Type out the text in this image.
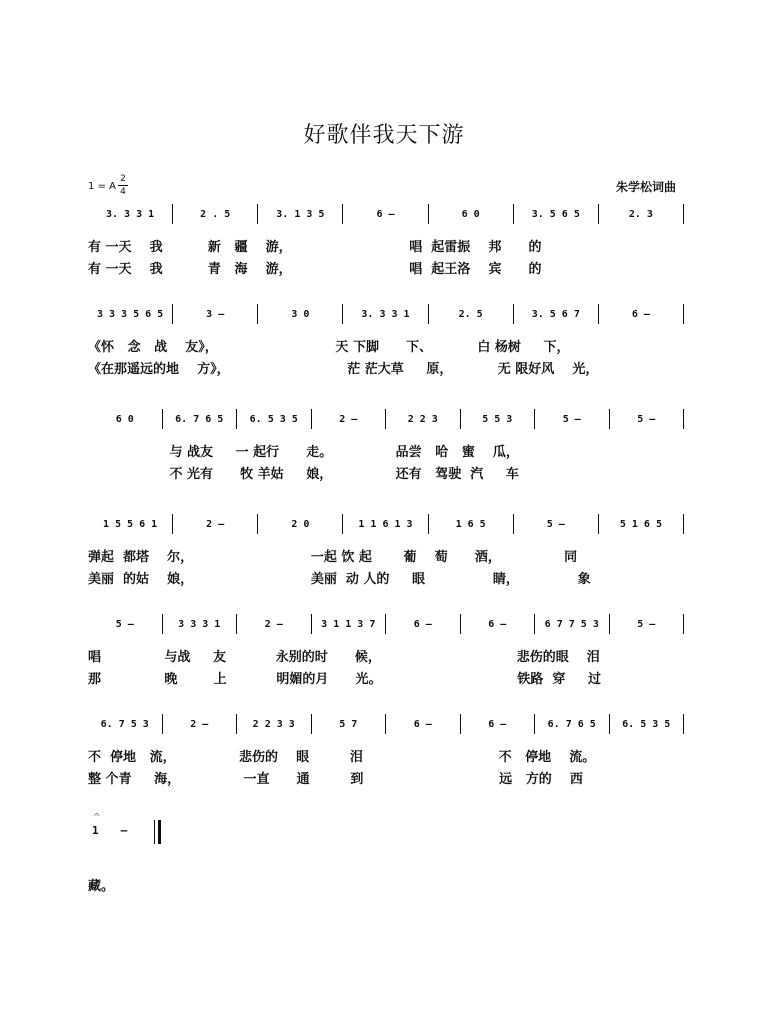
好歌伴我天下游
1 = A
2
4	朱学松词曲
3. 3 3 1	2 . 5	3. 1 3 5	6 –	6 0	3. 5 6 5	2. 3
有 一天    我          新   疆    游，                          唱  起雷振    邦      的
有 一天    我          青   海    游，                          唱  起王洛    宾      的
3 3 3 5 6 5	3 –	3 0	3. 3 3 1	2. 5	3. 5 6 7	6 –
《怀   念   战    友》，                          天 下脚      下、          白 杨树     下，
《在那遥远的地    方》，                          茫 茫大草     原，          无 限好风    光，
6 0	6. 7 6 5	6. 5 3 5	2 –	2 2 3	5 5 3	5 –	5 –
与 战友     一 起行      走。              品尝   哈   蜜    瓜，
不 光有      牧 羊姑     娘，              还有   驾驶  汽     车
1 5 5 6 1	2 –	2 0	1 1 6 1 3	1 6 5	5 –	5 1 6 5
弹起  都塔    尔，                          一起 饮 起       葡    萄      酒，              同
美丽  的姑    娘，                          美丽  动 人的     眼               睛，             象
5 –	3 3 3 1	2 –	3 1 1 3 7	6 –	6 –	6 7 7 5 3	5 –
唱              与战     友           永别的时      候，                              悲伤的眼    泪
那              晚        上           明媚的月      光。                              铁路  穿     过
6. 7 5 3	2 –	2 2 3 3	5 7	6 –	6 –	6. 7 6 5	6. 5 3 5
不  停地   流，              悲伤的    眼         泪                              不   停地    流。
整 个青     海，              一直      通         到                              远   方的    西
𝄐
1 –
藏。
